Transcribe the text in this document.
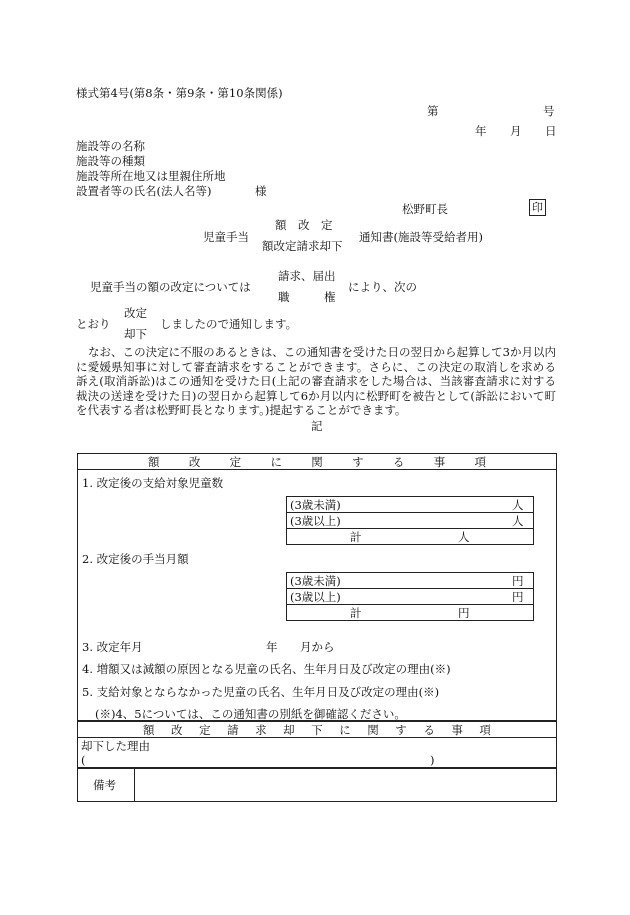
様式第4号(第8条・第9条・第10条関係)
第	号
年 月 日
施設等の名称
施設等の種類
施設等所在地又は里親住所地
設置者等の氏名(法人名等)	様
松野町長	印
額　改　定
児童手当	通知書(施設等受給者用)
額改定請求却下
請求、届出
児童手当の額の改定については	により、次の
職　　　権
改定
とおり	しましたので通知します。
却下
なお、この決定に不服のあるときは、この通知書を受けた日の翌日から起算して3か月以内に愛媛県知事に対して審査請求をすることができます。さらに、この決定の取消しを求める訴え(取消訴訟)はこの通知を受けた日(上記の審査請求をした場合は、当該審査請求に対する裁決の送達を受けた日)の翌日から起算して6か月以内に松野町を被告として(訴訟において町を代表する者は松野町長となります。)提起することができます。
記
額	改	定	に	関	す	る	事	項
1. 改定後の支給対象児童数
(3歳未満)	人
(3歳以上)	人
計	人
2. 改定後の手当月額
(3歳未満)	円
(3歳以上)	円
計	円
3. 改定年月	年 月から
4. 増額又は減額の原因となる児童の氏名、生年月日及び改定の理由(※)
5. 支給対象とならなかった児童の氏名、生年月日及び改定の理由(※)
(※)4、5については、この通知書の別紙を御確認ください。
額 改 定 請 求 却 下 に 関 す る 事 項
却下した理由
(	)
備考
